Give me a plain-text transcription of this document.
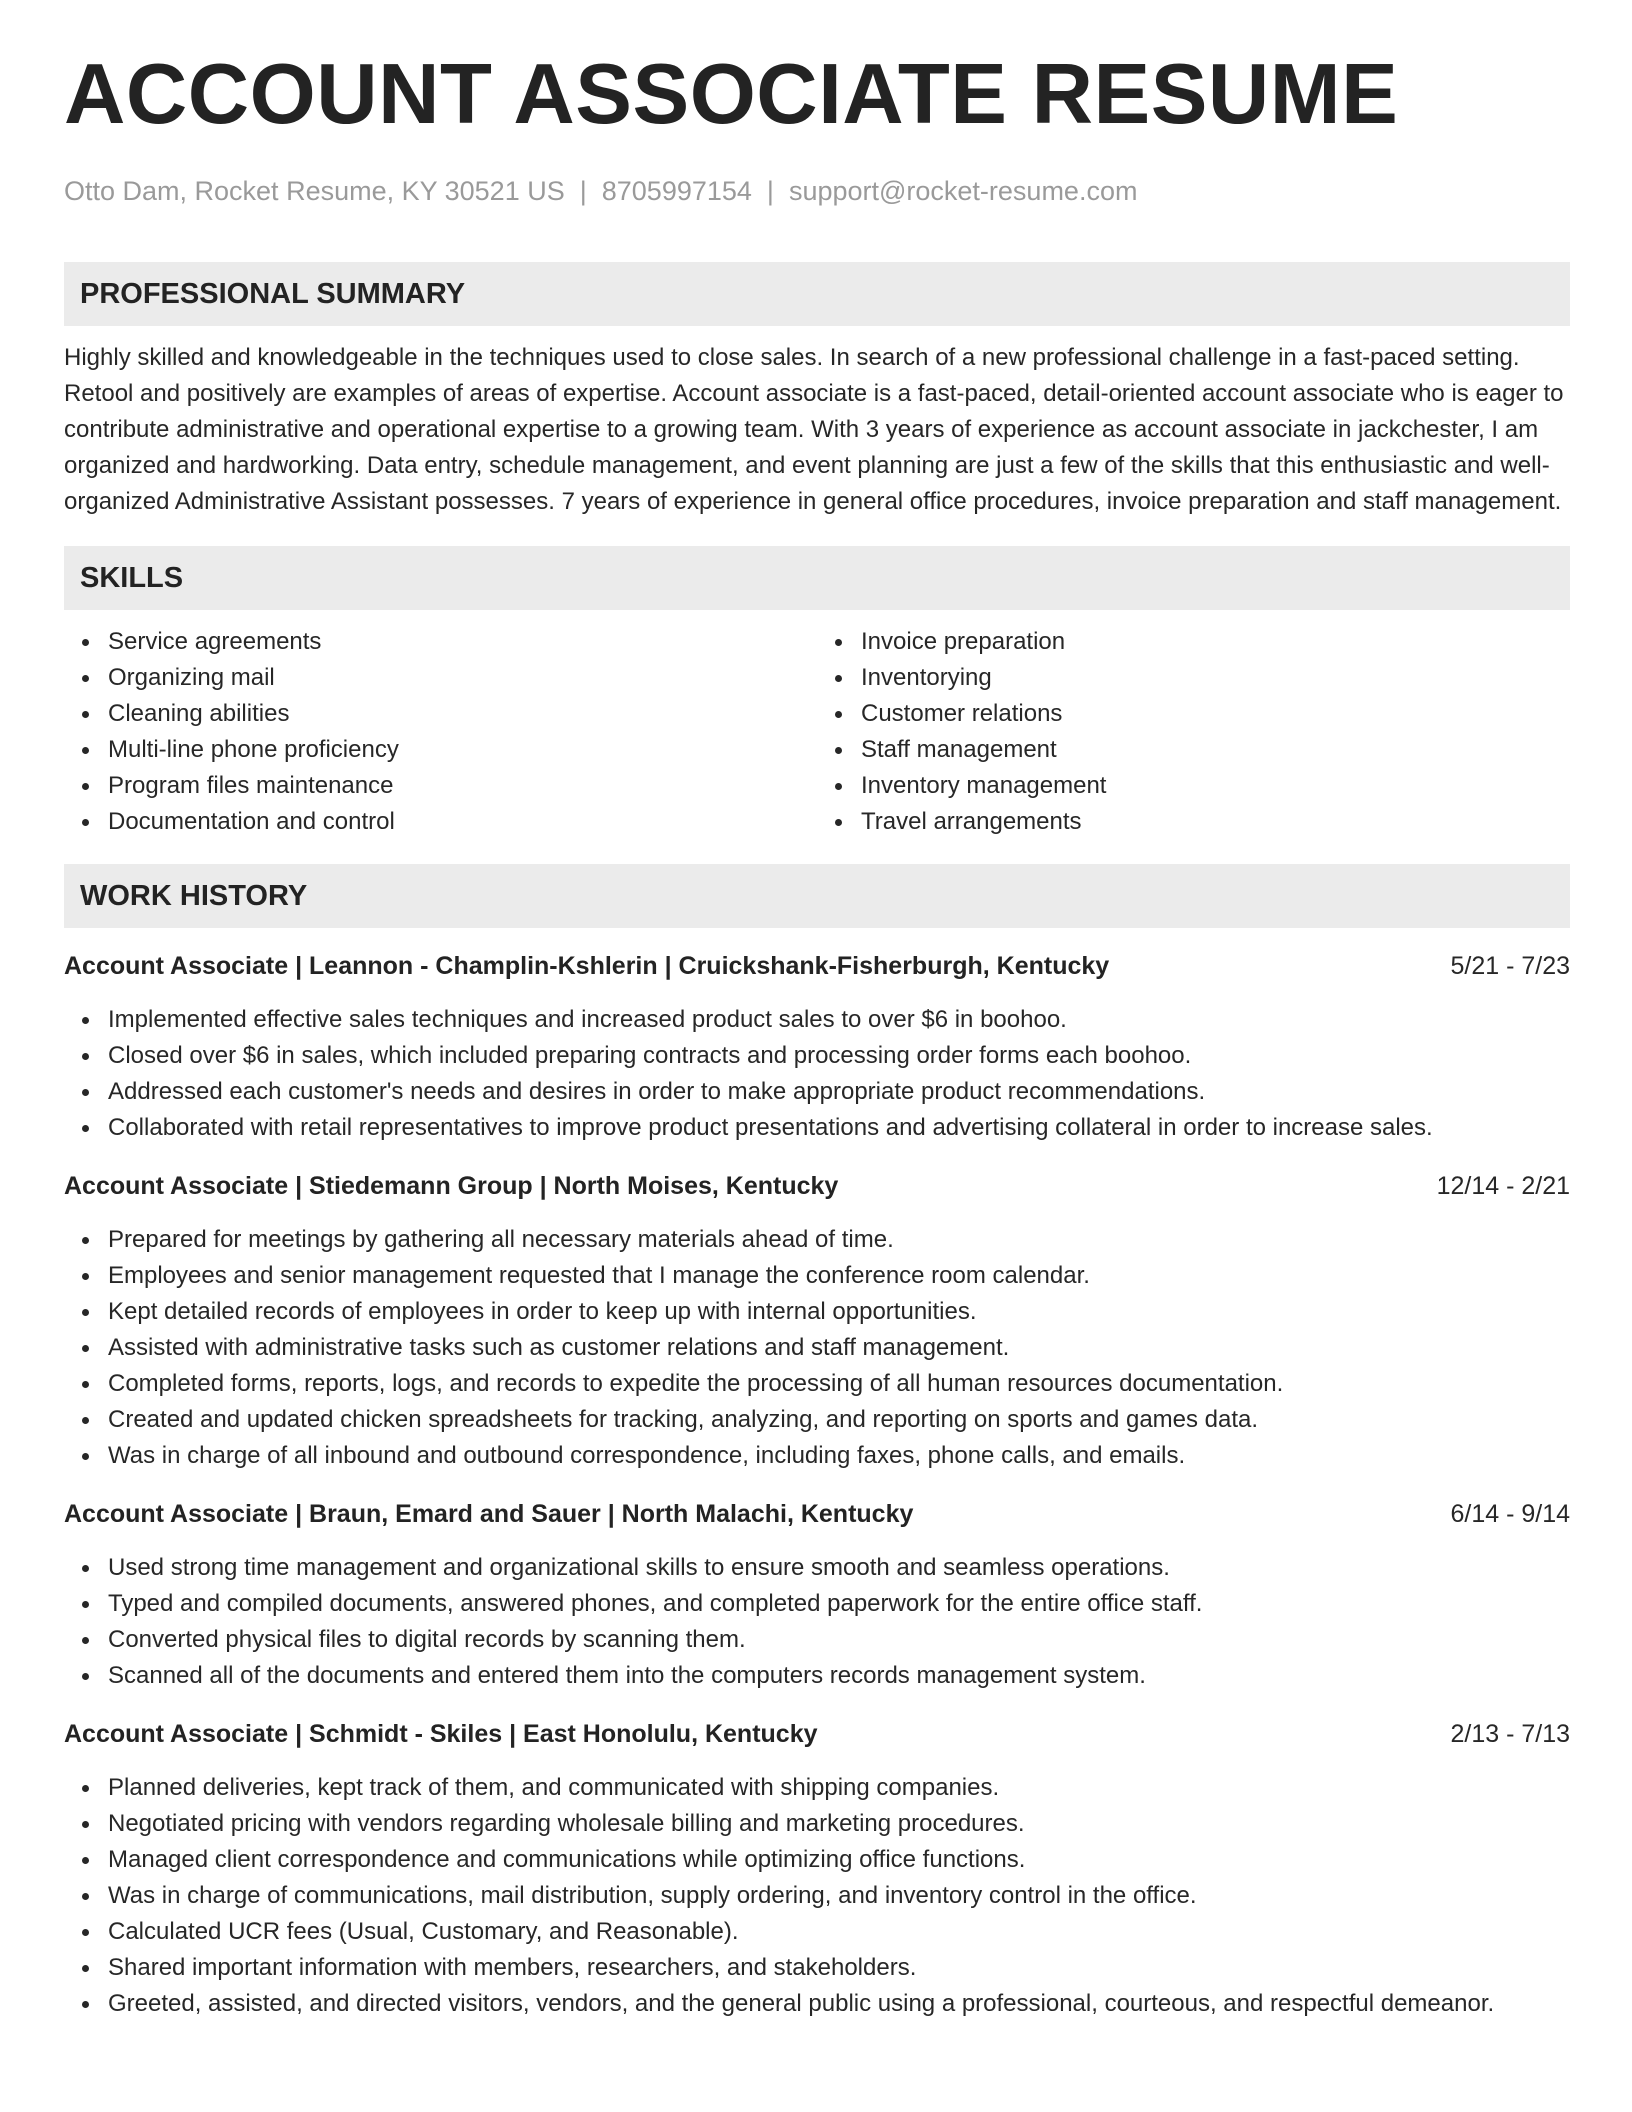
ACCOUNT ASSOCIATE RESUME
Otto Dam, Rocket Resume, KY 30521 US | 8705997154 | support@rocket-resume.com
PROFESSIONAL SUMMARY

Highly skilled and knowledgeable in the techniques used to close sales. In search of a new professional challenge in a fast-paced setting. Retool and positively are examples of areas of expertise. Account associate is a fast-paced, detail-oriented account associate who is eager to contribute administrative and operational expertise to a growing team. With 3 years of experience as account associate in jackchester, I am organized and hardworking. Data entry, schedule management, and event planning are just a few of the skills that this enthusiastic and well-organized Administrative Assistant possesses. 7 years of experience in general office procedures, invoice preparation and staff management.

SKILLS
Service agreements
Organizing mail
Cleaning abilities
Multi-line phone proficiency
Program files maintenance
Documentation and control
Invoice preparation
Inventorying
Customer relations
Staff management
Inventory management
Travel arrangements
WORK HISTORY
Account Associate | Leannon - Champlin-Kshlerin | Cruickshank-Fisherburgh, Kentucky	5/21 - 7/23
Implemented effective sales techniques and increased product sales to over $6 in boohoo.
Closed over $6 in sales, which included preparing contracts and processing order forms each boohoo.
Addressed each customer's needs and desires in order to make appropriate product recommendations.
Collaborated with retail representatives to improve product presentations and advertising collateral in order to increase sales.
Account Associate | Stiedemann Group | North Moises, Kentucky	12/14 - 2/21
Prepared for meetings by gathering all necessary materials ahead of time.
Employees and senior management requested that I manage the conference room calendar.
Kept detailed records of employees in order to keep up with internal opportunities.
Assisted with administrative tasks such as customer relations and staff management.
Completed forms, reports, logs, and records to expedite the processing of all human resources documentation.
Created and updated chicken spreadsheets for tracking, analyzing, and reporting on sports and games data.
Was in charge of all inbound and outbound correspondence, including faxes, phone calls, and emails.
Account Associate | Braun, Emard and Sauer | North Malachi, Kentucky	6/14 - 9/14
Used strong time management and organizational skills to ensure smooth and seamless operations.
Typed and compiled documents, answered phones, and completed paperwork for the entire office staff.
Converted physical files to digital records by scanning them.
Scanned all of the documents and entered them into the computers records management system.
Account Associate | Schmidt - Skiles | East Honolulu, Kentucky	2/13 - 7/13
Planned deliveries, kept track of them, and communicated with shipping companies.
Negotiated pricing with vendors regarding wholesale billing and marketing procedures.
Managed client correspondence and communications while optimizing office functions.
Was in charge of communications, mail distribution, supply ordering, and inventory control in the office.
Calculated UCR fees (Usual, Customary, and Reasonable).
Shared important information with members, researchers, and stakeholders.
Greeted, assisted, and directed visitors, vendors, and the general public using a professional, courteous, and respectful demeanor.
